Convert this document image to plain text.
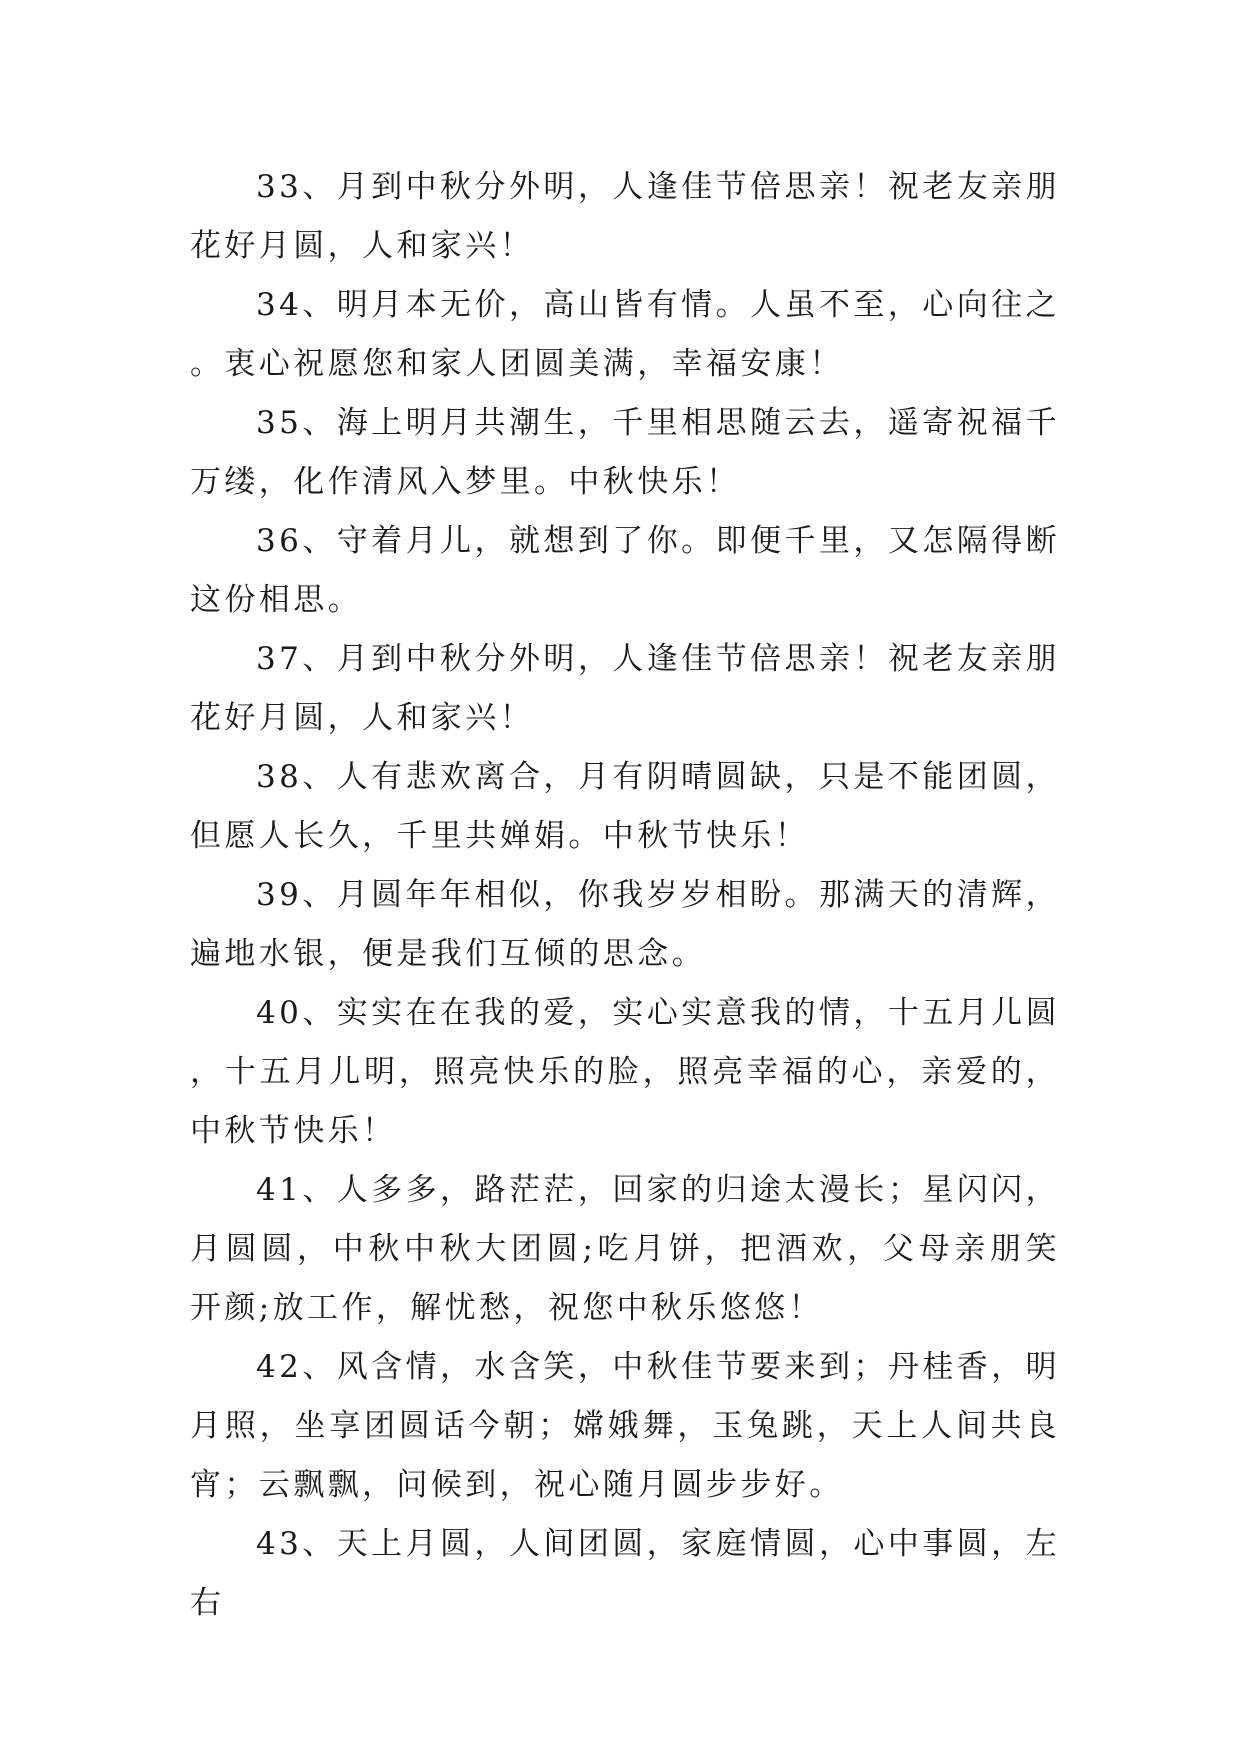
33、月到中秋分外明，人逢佳节倍思亲！祝老友亲朋花好月圆，人和家兴！

34、明月本无价，高山皆有情。人虽不至，心向往之。衷心祝愿您和家人团圆美满，幸福安康！

35、海上明月共潮生，千里相思随云去，遥寄祝福千万缕，化作清风入梦里。中秋快乐！

36、守着月儿，就想到了你。即便千里，又怎隔得断这份相思。

37、月到中秋分外明，人逢佳节倍思亲！祝老友亲朋花好月圆，人和家兴！

38、人有悲欢离合，月有阴晴圆缺，只是不能团圆，但愿人长久，千里共婵娟。中秋节快乐！

39、月圆年年相似，你我岁岁相盼。那满天的清辉，遍地水银，便是我们互倾的思念。

40、实实在在我的爱，实心实意我的情，十五月儿圆，十五月儿明，照亮快乐的脸，照亮幸福的心，亲爱的，中秋节快乐！

41、人多多，路茫茫，回家的归途太漫长；星闪闪，月圆圆，中秋中秋大团圆;吃月饼，把酒欢，父母亲朋笑开颜;放工作，解忧愁，祝您中秋乐悠悠！

42、风含情，水含笑，中秋佳节要来到；丹桂香，明月照，坐享团圆话今朝；嫦娥舞，玉兔跳，天上人间共良宵；云飘飘，问候到，祝心随月圆步步好。

43、天上月圆，人间团圆，家庭情圆，心中事圆，左右
